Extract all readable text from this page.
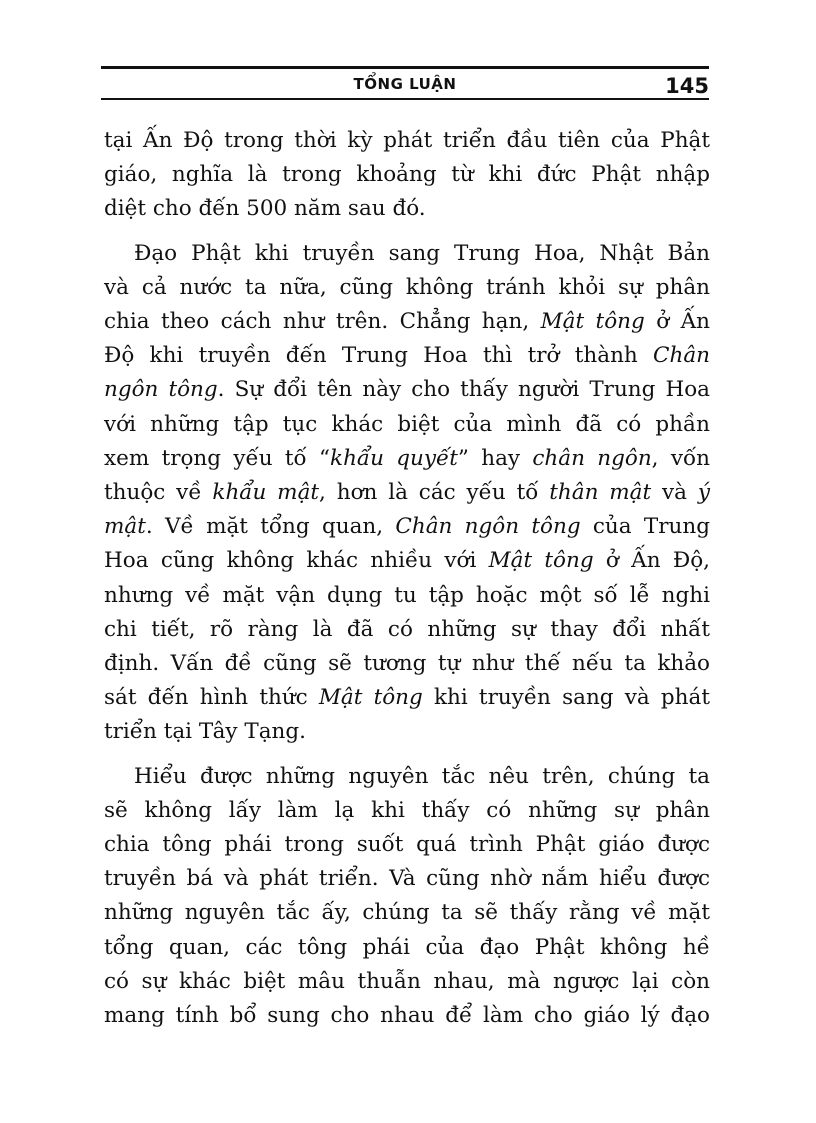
TỔNG LUẬN	145
tại Ấn Độ trong thời kỳ phát triển đầu tiên của Phật
giáo, nghĩa là trong khoảng từ khi đức Phật nhập
diệt cho đến 500 năm sau đó.
Đạo Phật khi truyền sang Trung Hoa, Nhật Bản
và cả nước ta nữa, cũng không tránh khỏi sự phân
chia theo cách như trên. Chẳng hạn, Mật tông ở Ấn
Độ khi truyền đến Trung Hoa thì trở thành Chân
ngôn tông. Sự đổi tên này cho thấy người Trung Hoa
với những tập tục khác biệt của mình đã có phần
xem trọng yếu tố “khẩu quyết” hay chân ngôn, vốn
thuộc về khẩu mật, hơn là các yếu tố thân mật và ý
mật. Về mặt tổng quan, Chân ngôn tông của Trung
Hoa cũng không khác nhiều với Mật tông ở Ấn Độ,
nhưng về mặt vận dụng tu tập hoặc một số lễ nghi
chi tiết, rõ ràng là đã có những sự thay đổi nhất
định. Vấn đề cũng sẽ tương tự như thế nếu ta khảo
sát đến hình thức Mật tông khi truyền sang và phát
triển tại Tây Tạng.
Hiểu được những nguyên tắc nêu trên, chúng ta
sẽ không lấy làm lạ khi thấy có những sự phân
chia tông phái trong suốt quá trình Phật giáo được
truyền bá và phát triển. Và cũng nhờ nắm hiểu được
những nguyên tắc ấy, chúng ta sẽ thấy rằng về mặt
tổng quan, các tông phái của đạo Phật không hề
có sự khác biệt mâu thuẫn nhau, mà ngược lại còn
mang tính bổ sung cho nhau để làm cho giáo lý đạo
